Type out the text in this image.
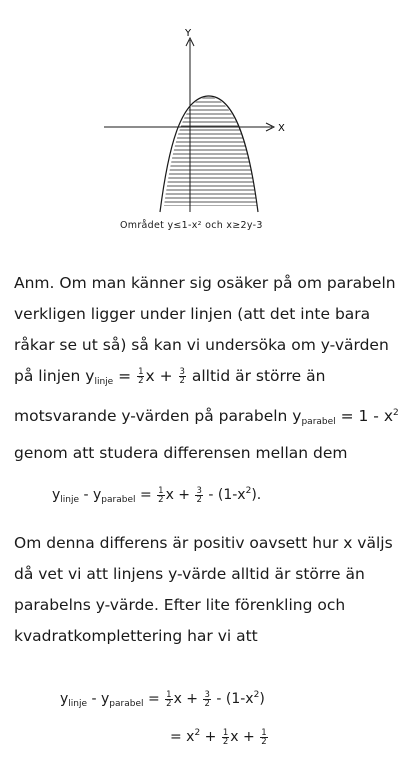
Y
X
Området y≤1-x² och x≥2y-3
Anm. Om man känner sig osäker på om parabeln verkligen ligger under linjen (att det inte bara råkar se ut så) så kan vi undersöka om y-värden på linjen $y_{linje} = \frac{1}{2}$ $x + \frac{3}{2}$ alltid är större än motsvarande y-värden på parabeln $y_{parabel} = 1 - x^2$ genom att studera differensen mellan dem
$y_{linje} - y_{parabel} = \frac{1}{2}$ $x + \frac{3}{2} - (1-x^2)$.
Om denna differens är positiv oavsett hur x väljs då vet vi att linjens y-värde alltid är större än parabelns y-värde. Efter lite förenkling och kvadratkomplettering har vi att
$y_{linje} - y_{parabel} = \frac{1}{2}$ $x + \frac{3}{2} - (1-x^2)$
= $x^2 + \frac{1}{2}$ $x + \frac{1}{2}$
